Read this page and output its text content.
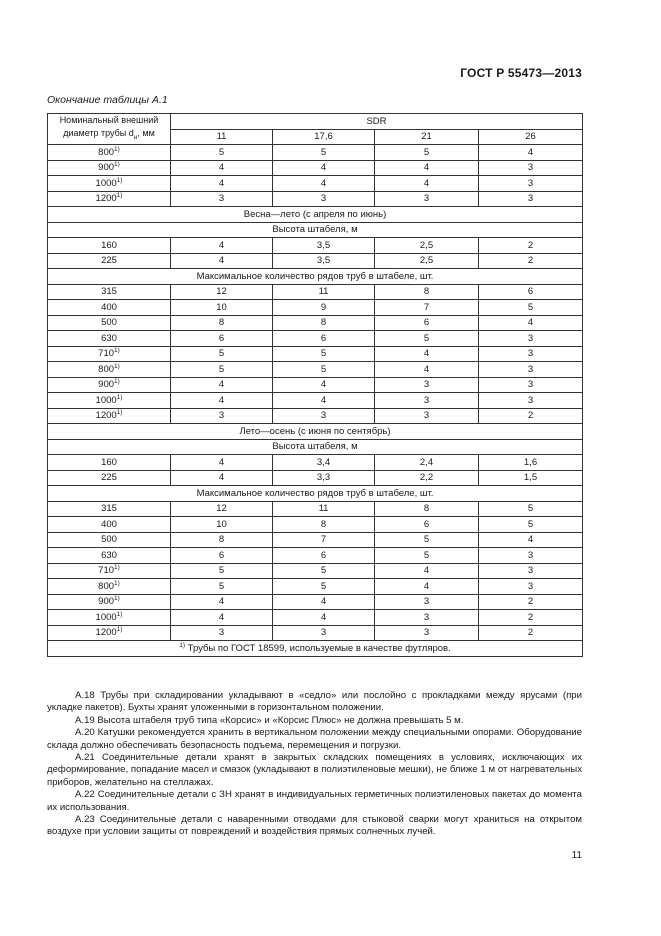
ГОСТ Р 55473—2013
Окончание таблицы А.1
Номинальный внешний
диаметр трубы $d_н$, мм	SDR			
	11	17,6	21	26
800$^{1)}$	5	5	5	4
900$^{1)}$	4	4	4	3
1000$^{1)}$	4	4	4	3
1200$^{1)}$	3	3	3	3
Весна—лето (с апреля по июнь)				
Высота штабеля, м				
160	4	3,5	2,5	2
225	4	3,5	2,5	2
Максимальное количество рядов труб в штабеле, шт.				
315	12	11	8	6
400	10	9	7	5
500	8	8	6	4
630	6	6	5	3
710$^{1)}$	5	5	4	3
800$^{1)}$	5	5	4	3
900$^{1)}$	4	4	3	3
1000$^{1)}$	4	4	3	3
1200$^{1)}$	3	3	3	2
Лето—осень (с июня по сентябрь)				
Высота штабеля, м				
160	4	3,4	2,4	1,6
225	4	3,3	2,2	1,5
Максимальное количество рядов труб в штабеле, шт.				
315	12	11	8	5
400	10	8	6	5
500	8	7	5	4
630	6	6	5	3
710$^{1)}$	5	5	4	3
800$^{1)}$	5	5	4	3
900$^{1)}$	4	4	3	2
1000$^{1)}$	4	4	3	2
1200$^{1)}$	3	3	3	2
$^{1)}$ Трубы по ГОСТ 18599, используемые в качестве футляров.				

А.18 Трубы при складировании укладывают в «седло» или послойно с прокладками между ярусами (при укладке пакетов). Бухты хранят уложенными в горизонтальном положении.

А.19 Высота штабеля труб типа «Корсис» и «Корсис Плюс» не должна превышать 5 м.

А.20 Катушки рекомендуется хранить в вертикальном положении между специальными опорами. Оборудование склада должно обеспечивать безопасность подъема, перемещения и погрузки.

А.21 Соединительные детали хранят в закрытых складских помещениях в условиях, исключающих их деформирование, попадание масел и смазок (укладывают в полиэтиленовые мешки), не ближе 1 м от нагревательных приборов, желательно на стеллажах.

А.22 Соединительные детали с ЗН хранят в индивидуальных герметичных полиэтиленовых пакетах до момента их использования.

А.23 Соединительные детали с наваренными отводами для стыковой сварки могут храниться на открытом воздухе при условии защиты от повреждений и воздействия прямых солнечных лучей.

11
